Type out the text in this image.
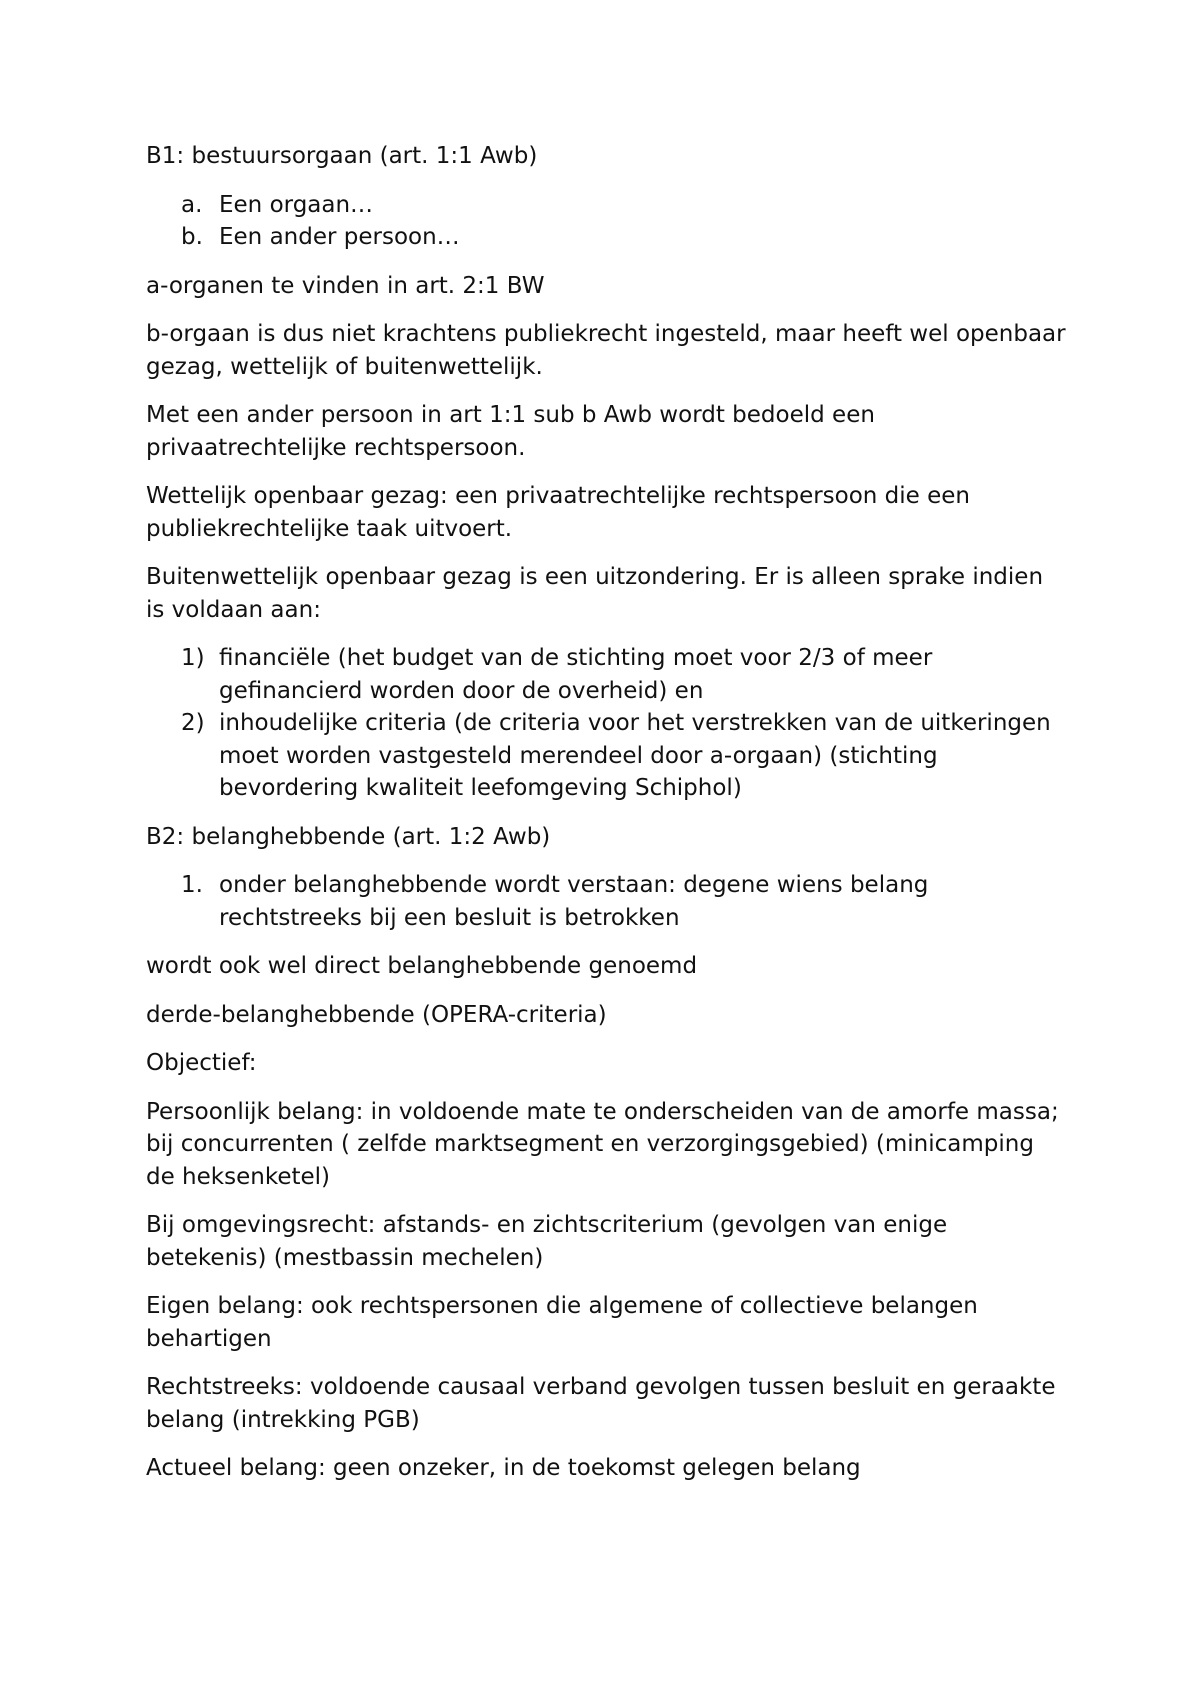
B1: bestuursorgaan (art. 1:1 Awb)

a. Een orgaan…
b. Een ander persoon…

a-organen te vinden in art. 2:1 BW

b-orgaan is dus niet krachtens publiekrecht ingesteld, maar heeft wel openbaar gezag, wettelijk of buitenwettelijk.

Met een ander persoon in art 1:1 sub b Awb wordt bedoeld een privaatrechtelijke rechtspersoon.

Wettelijk openbaar gezag: een privaatrechtelijke rechtspersoon die een publiekrechtelijke taak uitvoert.

Buitenwettelijk openbaar gezag is een uitzondering. Er is alleen sprake indien is voldaan aan:

1) financiële (het budget van de stichting moet voor 2/3 of meer gefinancierd worden door de overheid) en
2) inhoudelijke criteria (de criteria voor het verstrekken van de uitkeringen moet worden vastgesteld merendeel door a-orgaan) (stichting bevordering kwaliteit leefomgeving Schiphol)

B2: belanghebbende (art. 1:2 Awb)

1. onder belanghebbende wordt verstaan: degene wiens belang rechtstreeks bij een besluit is betrokken

wordt ook wel direct belanghebbende genoemd

derde-belanghebbende (OPERA-criteria)

Objectief:

Persoonlijk belang: in voldoende mate te onderscheiden van de amorfe massa; bij concurrenten ( zelfde marktsegment en verzorgingsgebied) (minicamping de heksenketel)

Bij omgevingsrecht: afstands- en zichtscriterium (gevolgen van enige betekenis) (mestbassin mechelen)

Eigen belang: ook rechtspersonen die algemene of collectieve belangen behartigen

Rechtstreeks: voldoende causaal verband gevolgen tussen besluit en geraakte belang (intrekking PGB)

Actueel belang: geen onzeker, in de toekomst gelegen belang
